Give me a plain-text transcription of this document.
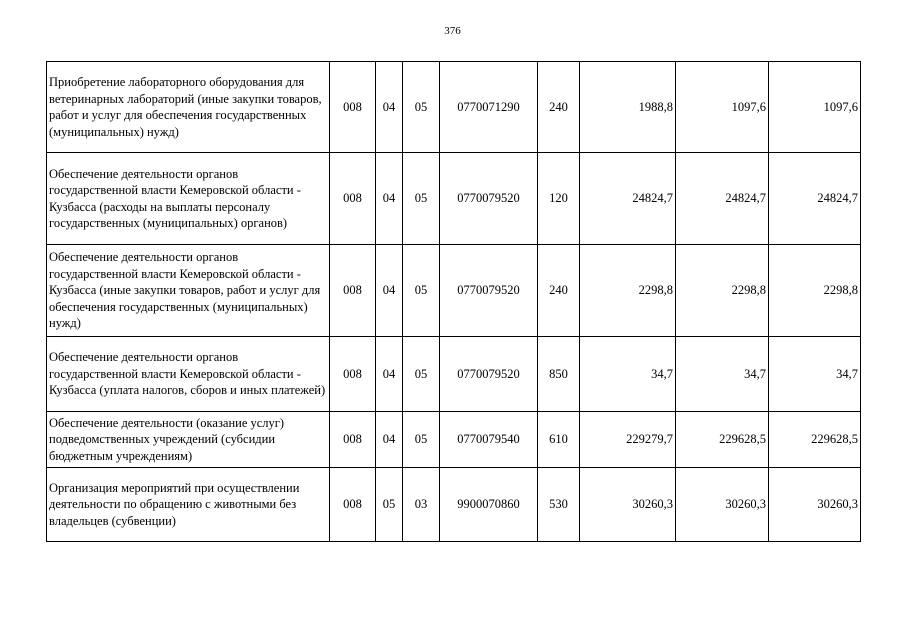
376
Приобретение лабораторного оборудования для ветеринарных лабораторий (иные закупки товаров, работ и услуг для обеспечения государственных (муниципальных) нужд)	008	04	05	0770071290	240	1988,8	1097,6	1097,6
Обеспечение деятельности органов государственной власти Кемеровской области - Кузбасса (расходы на выплаты персоналу государственных (муниципальных) органов)	008	04	05	0770079520	120	24824,7	24824,7	24824,7
Обеспечение деятельности органов государственной власти Кемеровской области - Кузбасса (иные закупки товаров, работ и услуг для обеспечения государственных (муниципальных) нужд)	008	04	05	0770079520	240	2298,8	2298,8	2298,8
Обеспечение деятельности органов государственной власти Кемеровской области - Кузбасса (уплата налогов, сборов и иных платежей)	008	04	05	0770079520	850	34,7	34,7	34,7
Обеспечение деятельности (оказание услуг) подведомственных учреждений (субсидии бюджетным учреждениям)	008	04	05	0770079540	610	229279,7	229628,5	229628,5
Организация мероприятий при осуществлении деятельности по обращению с животными без владельцев (субвенции)	008	05	03	9900070860	530	30260,3	30260,3	30260,3
